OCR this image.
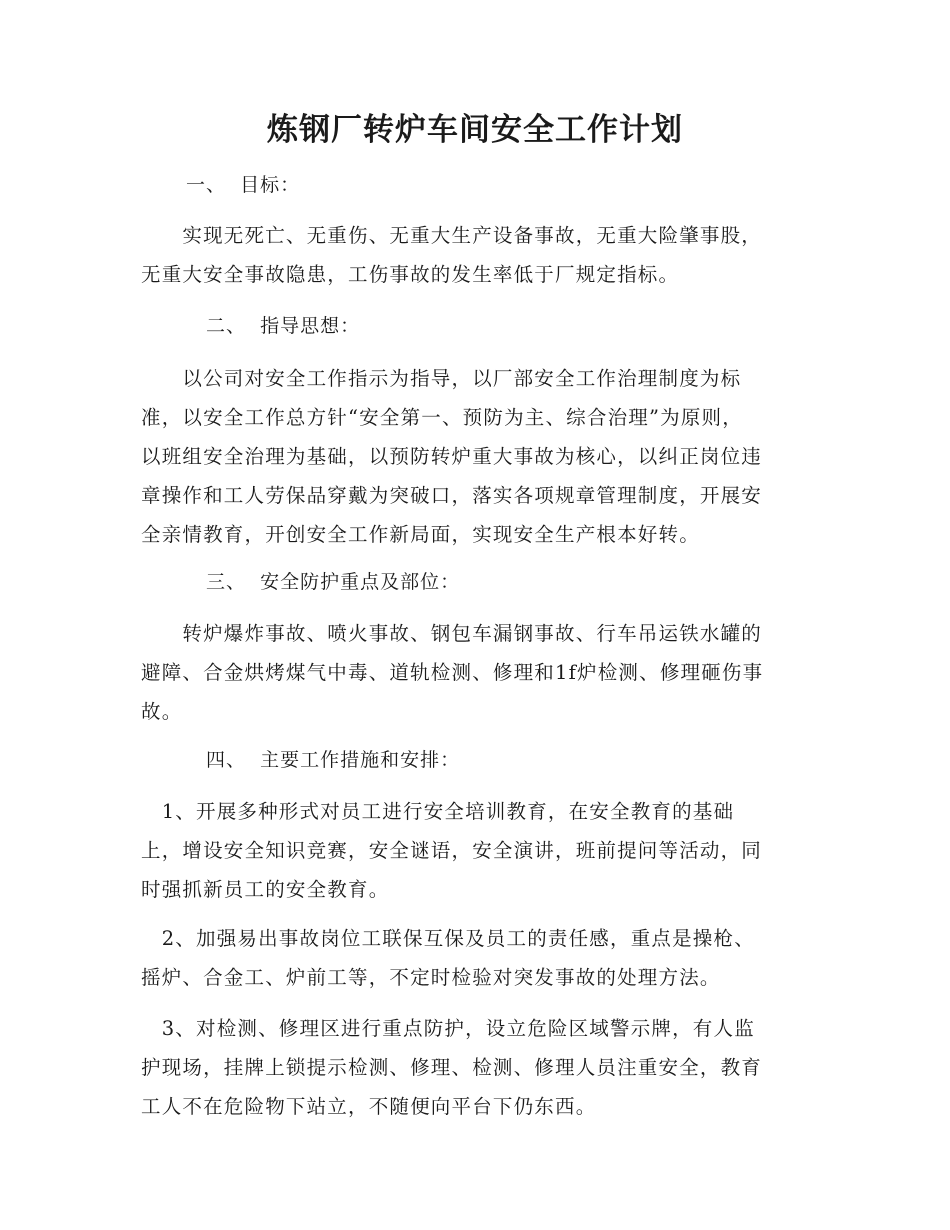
炼钢厂转炉车间安全工作计划
一、  目标：
　　实现无死亡、无重伤、无重大生产设备事故，无重大险肇事股，
无重大安全事故隐患，工伤事故的发生率低于厂规定指标。
　二、  指导思想：
　　以公司对安全工作指示为指导，以厂部安全工作治理制度为标
准，以安全工作总方针“安全第一、预防为主、综合治理”为原则，
以班组安全治理为基础，以预防转炉重大事故为核心，以纠正岗位违
章操作和工人劳保品穿戴为突破口，落实各项规章管理制度，开展安
全亲情教育，开创安全工作新局面，实现安全生产根本好转。
　三、  安全防护重点及部位：
　　转炉爆炸事故、喷火事故、钢包车漏钢事故、行车吊运铁水罐的
避障、合金烘烤煤气中毒、道轨检测、修理和1f炉检测、修理砸伤事
故。
　四、  主要工作措施和安排：
　1、开展多种形式对员工进行安全培训教育，在安全教育的基础
上，增设安全知识竞赛，安全谜语，安全演讲，班前提问等活动，同
时强抓新员工的安全教育。
　2、加强易出事故岗位工联保互保及员工的责任感，重点是操枪、
摇炉、合金工、炉前工等，不定时检验对突发事故的处理方法。
　3、对检测、修理区进行重点防护，设立危险区域警示牌，有人监
护现场，挂牌上锁提示检测、修理、检测、修理人员注重安全，教育
工人不在危险物下站立，不随便向平台下仍东西。
